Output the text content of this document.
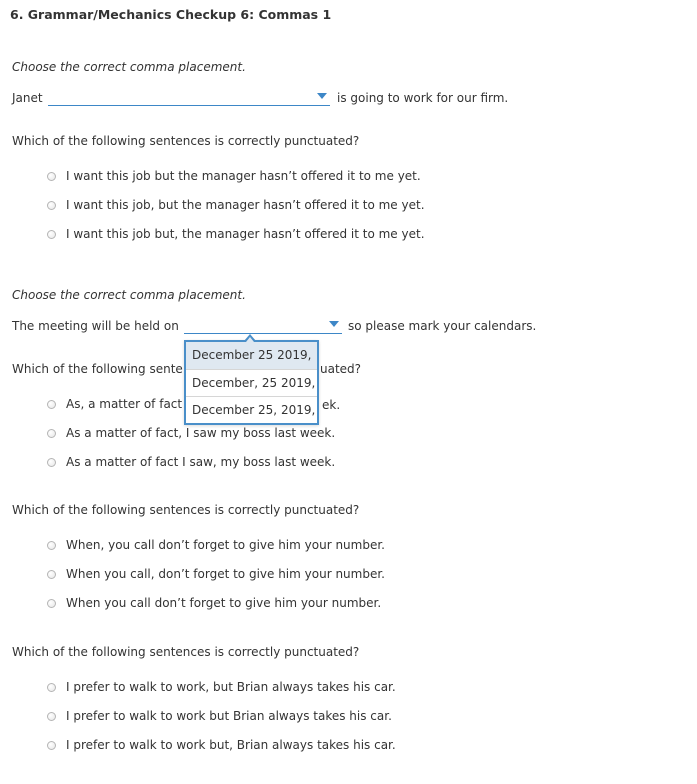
6. Grammar/Mechanics Checkup 6: Commas 1
Choose the correct comma placement.
Janet	is going to work for our firm.
Which of the following sentences is correctly punctuated?
I want this job but the manager hasn’t offered it to me yet.
I want this job, but the manager hasn’t offered it to me yet.
I want this job but, the manager hasn’t offered it to me yet.
Choose the correct comma placement.
The meeting will be held on	so please mark your calendars.
Which of the following sente	uated?
As, a matter of fact	ek.
As a matter of fact, I saw my boss last week.
As a matter of fact I saw, my boss last week.
Which of the following sentences is correctly punctuated?
When, you call don’t forget to give him your number.
When you call, don’t forget to give him your number.
When you call don’t forget to give him your number.
Which of the following sentences is correctly punctuated?
I prefer to walk to work, but Brian always takes his car.
I prefer to walk to work but Brian always takes his car.
I prefer to walk to work but, Brian always takes his car.
December 25 2019,
December, 25 2019,
December 25, 2019,
